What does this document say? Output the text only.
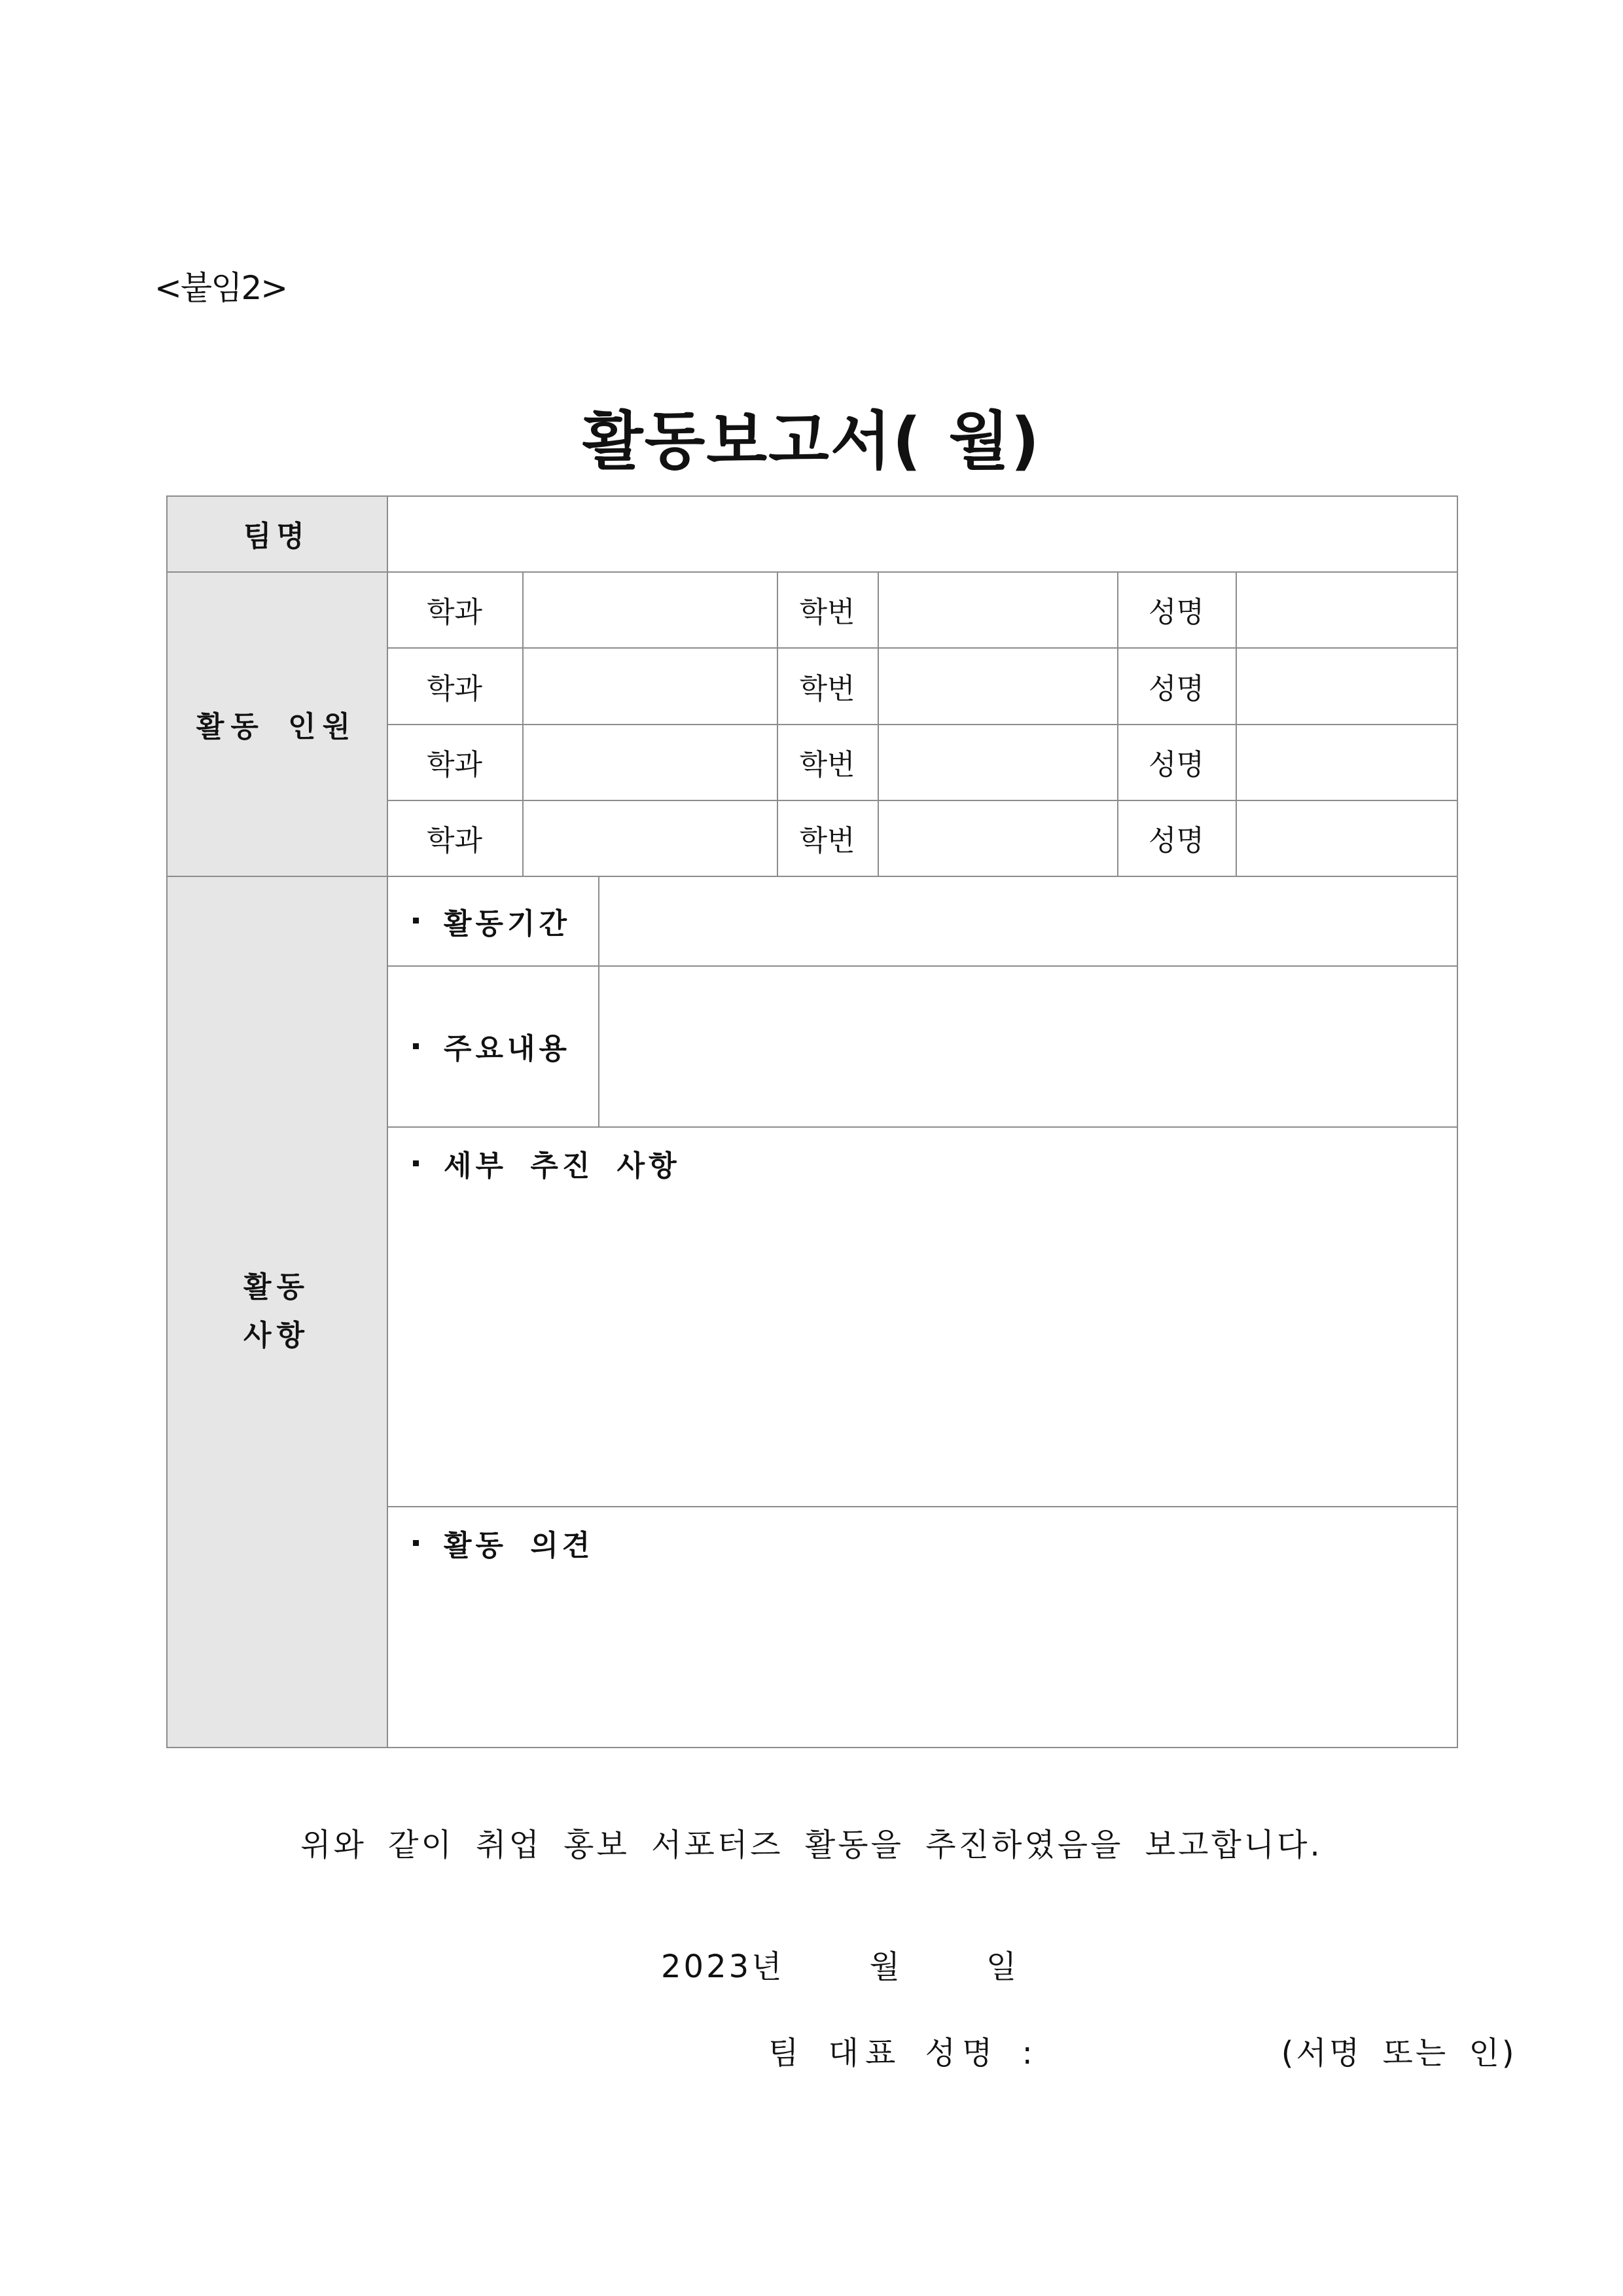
<붙임2>
활동보고서( 월)
팀명
활동 인원
학과	학번	성명
학과	학번	성명
학과	학번	성명
학과	학번	성명
활동
사항
활동기간
주요내용
세부 추진 사항
활동 의견
위와 같이 취업 홍보 서포터즈 활동을 추진하였음을 보고합니다.
2023년	월	일
팀 대표 성명 :	(서명 또는 인)
